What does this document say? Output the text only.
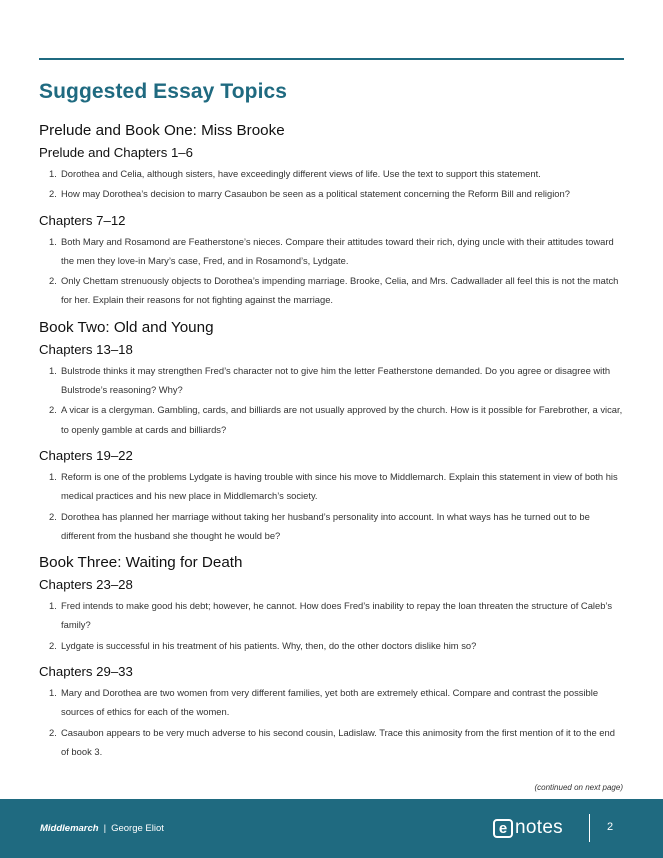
Suggested Essay Topics
Prelude and Book One: Miss Brooke
Prelude and Chapters 1–6
1. Dorothea and Celia, although sisters, have exceedingly different views of life. Use the text to support this statement.
2. How may Dorothea’s decision to marry Casaubon be seen as a political statement concerning the Reform Bill and religion?
Chapters 7–12
1. Both Mary and Rosamond are Featherstone’s nieces. Compare their attitudes toward their rich, dying uncle with their attitudes toward the men they love-in Mary’s case, Fred, and in Rosamond’s, Lydgate.
2. Only Chettam strenuously objects to Dorothea’s impending marriage. Brooke, Celia, and Mrs. Cadwallader all feel this is not the match for her. Explain their reasons for not fighting against the marriage.
Book Two: Old and Young
Chapters 13–18
1. Bulstrode thinks it may strengthen Fred’s character not to give him the letter Featherstone demanded. Do you agree or disagree with Bulstrode’s reasoning? Why?
2. A vicar is a clergyman. Gambling, cards, and billiards are not usually approved by the church. How is it possible for Farebrother, a vicar, to openly gamble at cards and billiards?
Chapters 19–22
1. Reform is one of the problems Lydgate is having trouble with since his move to Middlemarch. Explain this statement in view of both his medical practices and his new place in Middlemarch’s society.
2. Dorothea has planned her marriage without taking her husband’s personality into account. In what ways has he turned out to be different from the husband she thought he would be?
Book Three: Waiting for Death
Chapters 23–28
1. Fred intends to make good his debt; however, he cannot. How does Fred’s inability to repay the loan threaten the structure of Caleb’s family?
2. Lydgate is successful in his treatment of his patients. Why, then, do the other doctors dislike him so?
Chapters 29–33
1. Mary and Dorothea are two women from very different families, yet both are extremely ethical. Compare and contrast the possible sources of ethics for each of the women.
2. Casaubon appears to be very much adverse to his second cousin, Ladislaw. Trace this animosity from the first mention of it to the end of book 3.
(continued on next page)
Middlemarch | George Eliot	e notes	2
